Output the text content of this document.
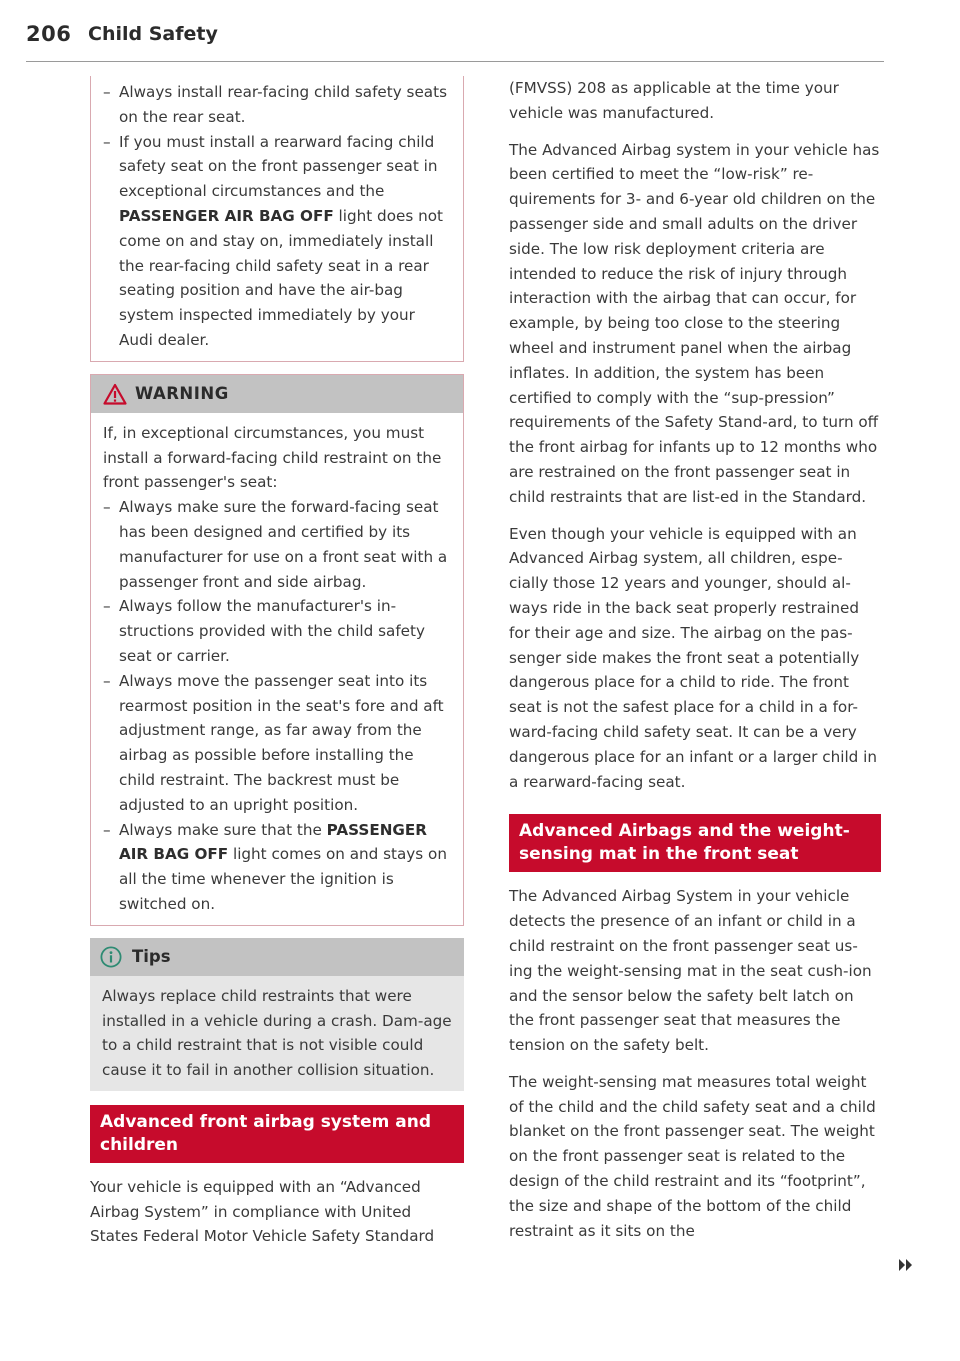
206 Child Safety
– Always install rear-facing child safety seats on the rear seat.
– If you must install a rearward facing child safety seat on the front passenger seat in exceptional circumstances and the PASSENGER AIR BAG OFF light does not come on and stay on, immediately install the rear-facing child safety seat in a rear seating position and have the air-bag system inspected immediately by your Audi dealer.
WARNING

If, in exceptional circumstances, you must install a forward-facing child restraint on the front passenger's seat:

– Always make sure the forward-facing seat has been designed and certified by its manufacturer for use on a front seat with a passenger front and side airbag.
– Always follow the manufacturer's in-structions provided with the child safety seat or carrier.
– Always move the passenger seat into its rearmost position in the seat's fore and aft adjustment range, as far away from the airbag as possible before installing the child restraint. The backrest must be adjusted to an upright position.
– Always make sure that the PASSENGER AIR BAG OFF light comes on and stays on all the time whenever the ignition is switched on.
Tips

Always replace child restraints that were installed in a vehicle during a crash. Dam-age to a child restraint that is not visible could cause it to fail in another collision situation.

Advanced front airbag system and children

Your vehicle is equipped with an “Advanced Airbag System” in compliance with United States Federal Motor Vehicle Safety Standard

(FMVSS) 208 as applicable at the time your vehicle was manufactured.

The Advanced Airbag system in your vehicle has been certified to meet the “low-risk” re-quirements for 3- and 6-year old children on the passenger side and small adults on the driver side. The low risk deployment criteria are intended to reduce the risk of injury through interaction with the airbag that can occur, for example, by being too close to the steering wheel and instrument panel when the airbag inflates. In addition, the system has been certified to comply with the “sup-pression” requirements of the Safety Stand-ard, to turn off the front airbag for infants up to 12 months who are restrained on the front passenger seat in child restraints that are list-ed in the Standard.

Even though your vehicle is equipped with an Advanced Airbag system, all children, espe-cially those 12 years and younger, should al-ways ride in the back seat properly restrained for their age and size. The airbag on the pas-senger side makes the front seat a potentially dangerous place for a child to ride. The front seat is not the safest place for a child in a for-ward-facing child safety seat. It can be a very dangerous place for an infant or a larger child in a rearward-facing seat.

Advanced Airbags and the weight-sensing mat in the front seat

The Advanced Airbag System in your vehicle detects the presence of an infant or child in a child restraint on the front passenger seat us-ing the weight-sensing mat in the seat cush-ion and the sensor below the safety belt latch on the front passenger seat that measures the tension on the safety belt.

The weight-sensing mat measures total weight of the child and the child safety seat and a child blanket on the front passenger seat. The weight on the front passenger seat is related to the design of the child restraint and its “footprint”, the size and shape of the bottom of the child restraint as it sits on the
